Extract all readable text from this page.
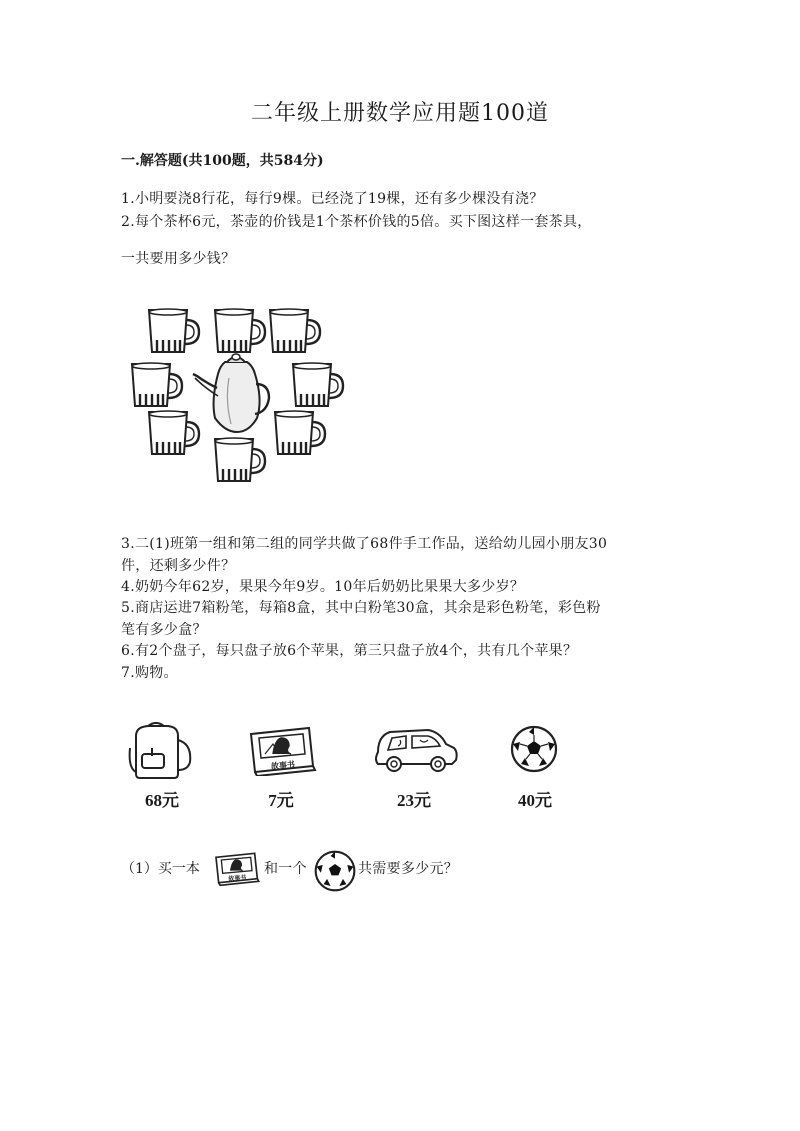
二年级上册数学应用题100道
一.解答题(共100题，共584分)
1.小明要浇8行花，每行9棵。已经浇了19棵，还有多少棵没有浇？
2.每个茶杯6元，茶壶的价钱是1个茶杯价钱的5倍。买下图这样一套茶具，
一共要用多少钱？
3.二(1)班第一组和第二组的同学共做了68件手工作品，送给幼儿园小朋友30
件，还剩多少件？
4.奶奶今年62岁，果果今年9岁。10年后奶奶比果果大多少岁？
5.商店运进7箱粉笔，每箱8盒，其中白粉笔30盒，其余是彩色粉笔，彩色粉
笔有多少盒？
6.有2个盘子，每只盘子放6个苹果，第三只盘子放4个，共有几个苹果？
7.购物。
68元
故事书
7元	23元	40元
（1）买一本
故事书
和一个	共需要多少元？
